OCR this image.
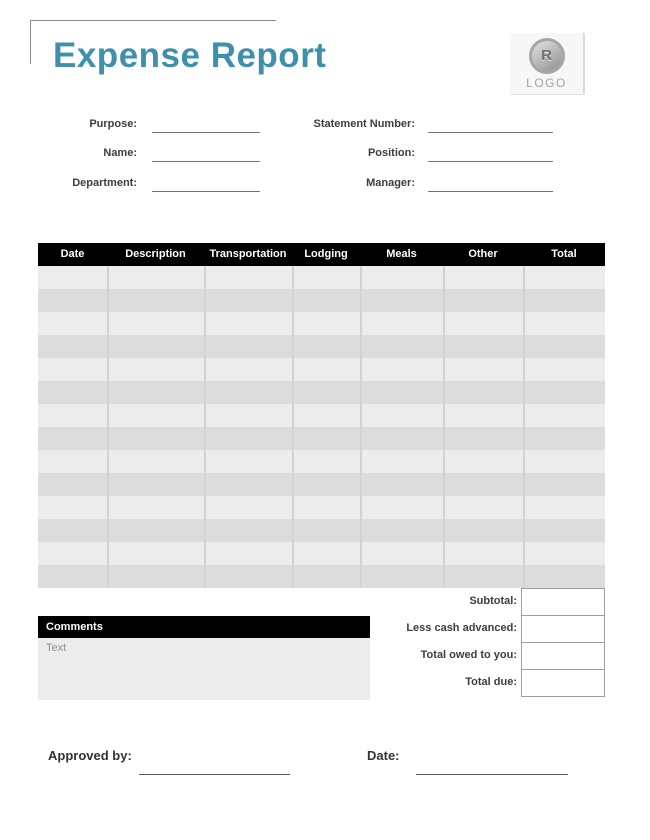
Expense Report	R
LOGO
Purpose:
Name:
Department:
Statement Number:
Position:
Manager:
Date	Description	Transportation	Lodging	Meals	Other	Total
Subtotal:
Less cash advanced:
Total owed to you:
Total due:
Comments
Text
Approved by:	Date:
